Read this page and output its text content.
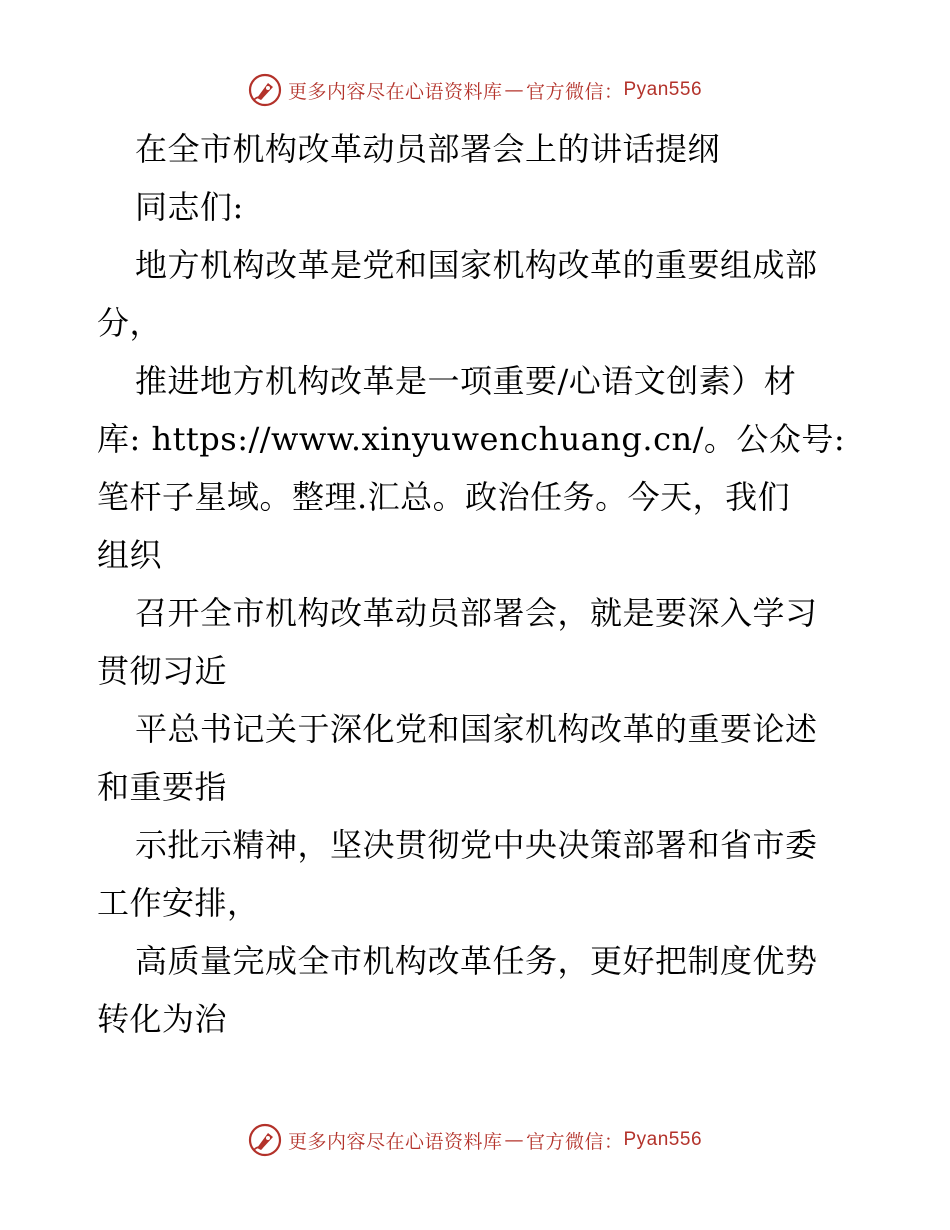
更多内容尽在心语资料库 — 官方微信： Pyan556
在全市机构改革动员部署会上的讲话提纲
同志们:
地方机构改革是党和国家机构改革的重要组成部
分，
推进地方机构改革是一项重要/心语文创素）材
库: https://www.xinyuwenchuang.cn/。公众号:
笔杆子星域。整理.汇总。政治任务。今天，我们
组织
召开全市机构改革动员部署会，就是要深入学习
贯彻习近
平总书记关于深化党和国家机构改革的重要论述
和重要指
示批示精神，坚决贯彻党中央决策部署和省市委
工作安排，
高质量完成全市机构改革任务，更好把制度优势
转化为治
更多内容尽在心语资料库 — 官方微信： Pyan556
